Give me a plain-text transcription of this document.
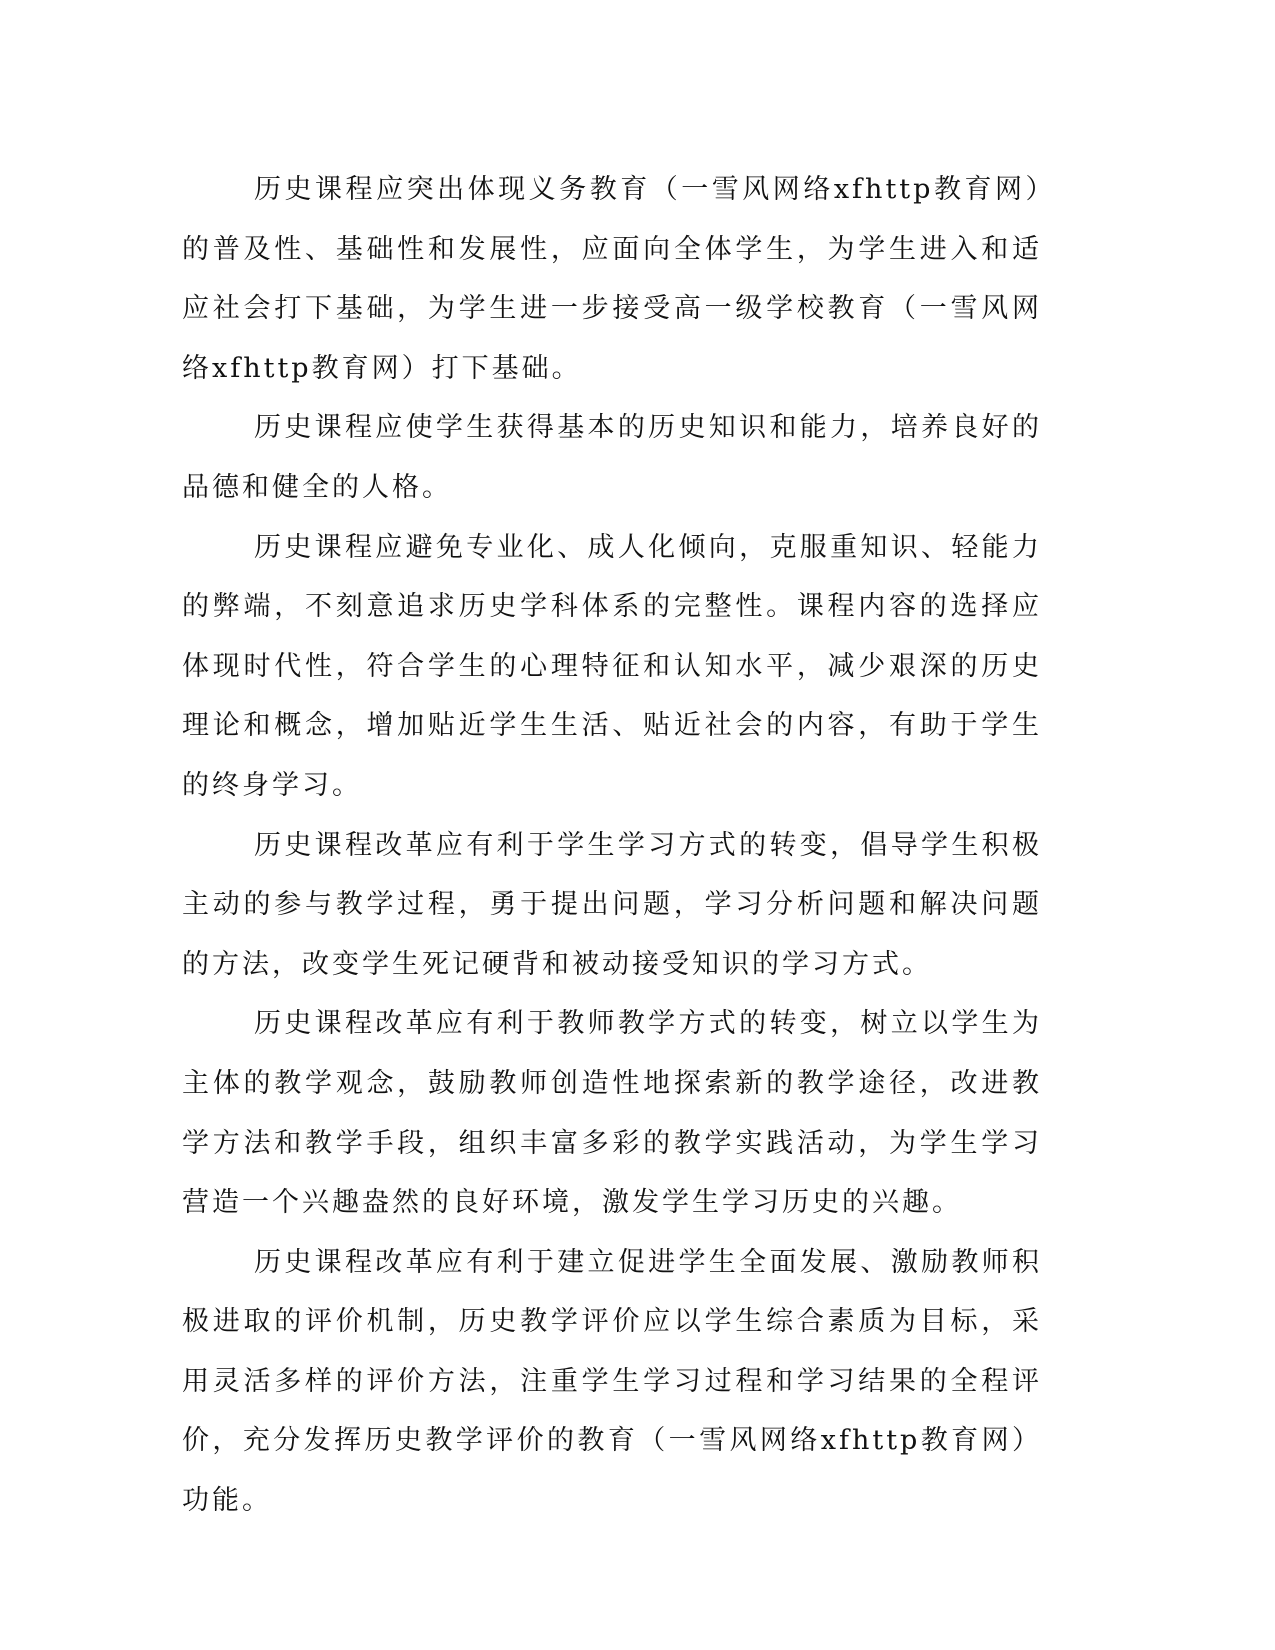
历史课程应突出体现义务教育（一雪风网络xfhttp教育网）的普及性、基础性和发展性，应面向全体学生，为学生进入和适应社会打下基础，为学生进一步接受高一级学校教育（一雪风网络xfhttp教育网）打下基础。

历史课程应使学生获得基本的历史知识和能力，培养良好的品德和健全的人格。

历史课程应避免专业化、成人化倾向，克服重知识、轻能力的弊端，不刻意追求历史学科体系的完整性。课程内容的选择应体现时代性，符合学生的心理特征和认知水平，减少艰深的历史理论和概念，增加贴近学生生活、贴近社会的内容，有助于学生的终身学习。

历史课程改革应有利于学生学习方式的转变，倡导学生积极主动的参与教学过程，勇于提出问题，学习分析问题和解决问题的方法，改变学生死记硬背和被动接受知识的学习方式。

历史课程改革应有利于教师教学方式的转变，树立以学生为主体的教学观念，鼓励教师创造性地探索新的教学途径，改进教学方法和教学手段，组织丰富多彩的教学实践活动，为学生学习营造一个兴趣盎然的良好环境，激发学生学习历史的兴趣。

历史课程改革应有利于建立促进学生全面发展、激励教师积极进取的评价机制，历史教学评价应以学生综合素质为目标，采用灵活多样的评价方法，注重学生学习过程和学习结果的全程评价，充分发挥历史教学评价的教育（一雪风网络xfhttp教育网）功能。
